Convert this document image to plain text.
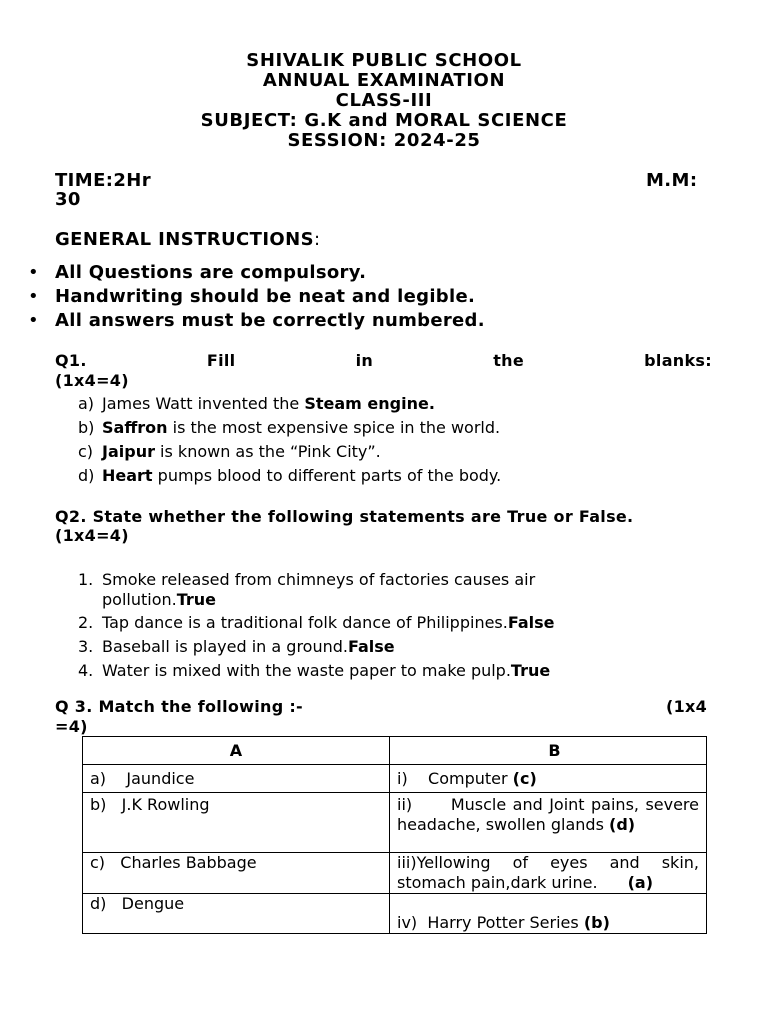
SHIVALIK PUBLIC SCHOOL
ANNUAL EXAMINATION
CLASS-III
SUBJECT: G.K and MORAL SCIENCE
SESSION: 2024-25
TIME:2Hr	M.M:
30
GENERAL INSTRUCTIONS:
• All Questions are compulsory.
• Handwriting should be neat and legible.
• All answers must be correctly numbered.
Q1.	Fill	in	the	blanks:
(1x4=4)
a) James Watt invented the Steam engine.
b) Saffron is the most expensive spice in the world.
c) Jaipur is known as the “Pink City”.
d) Heart pumps blood to different parts of the body.
Q2. State whether the following statements are True or False.
(1x4=4)
1. Smoke released from chimneys of factories causes air
pollution.True
2. Tap dance is a traditional folk dance of Philippines.False
3. Baseball is played in a ground.False
4. Water is mixed with the waste paper to make pulp.True
Q 3. Match the following :-	(1x4
=4)
A	B
a)    Jaundice	i)    Computer (c)
b)   J.K Rowling	ii)      Muscle and Joint pains, severe headache, swollen glands (d)
c)   Charles Babbage	iii)Yellowing of eyes and skin, stomach pain,dark urine. (a)
d)   Dengue	iv)  Harry Potter Series (b)
